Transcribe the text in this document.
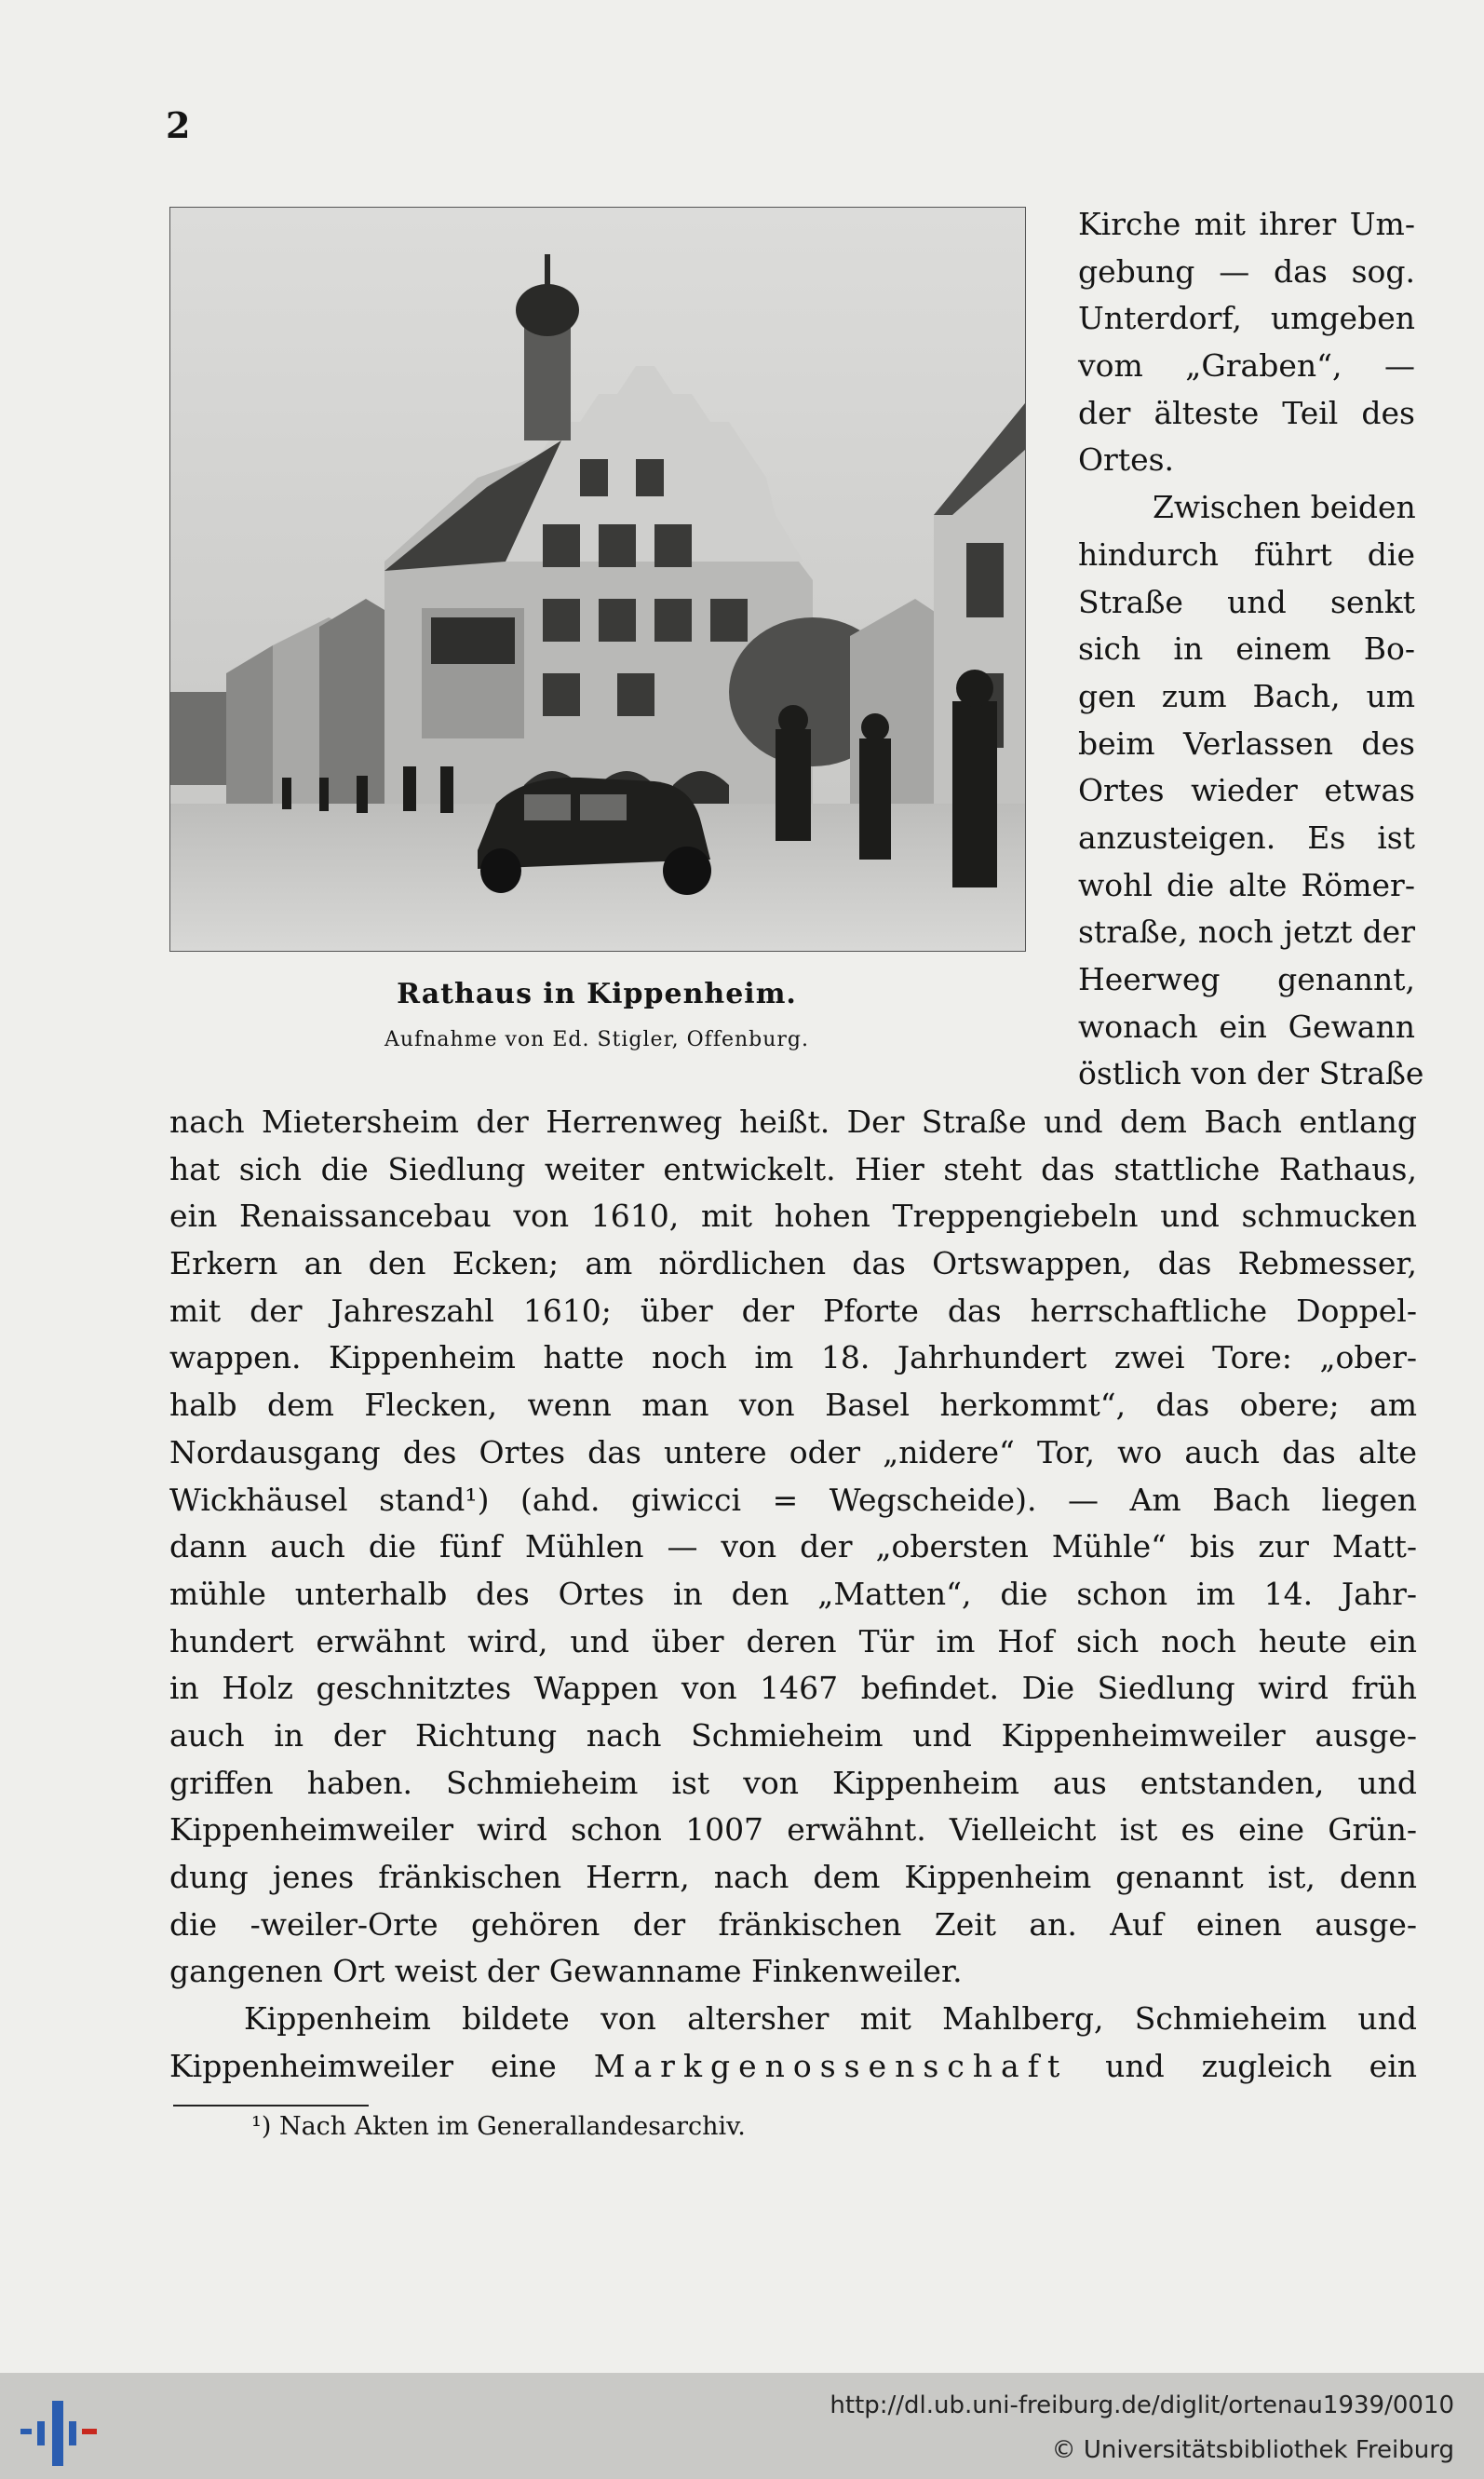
2
Rathaus in Kippenheim.
Aufnahme von Ed. Stigler, Offenburg.
Kirche mit ihrer Um-
gebung — das sog.
Unterdorf, umgeben
vom „Graben“, —
der älteste Teil des
Ortes.
Zwischen beiden
hindurch führt die
Straße und senkt
sich in einem Bo-
gen zum Bach, um
beim Verlassen des
Ortes wieder etwas
anzusteigen. Es ist
wohl die alte Römer-
straße, noch jetzt der
Heerweg genannt,
wonach ein Gewann
östlich von der Straße
nach Mietersheim der Herrenweg heißt. Der Straße und dem Bach entlang
hat sich die Siedlung weiter entwickelt. Hier steht das stattliche Rathaus,
ein Renaissancebau von 1610, mit hohen Treppengiebeln und schmucken
Erkern an den Ecken; am nördlichen das Ortswappen, das Rebmesser,
mit der Jahreszahl 1610; über der Pforte das herrschaftliche Doppel-
wappen. Kippenheim hatte noch im 18. Jahrhundert zwei Tore: „ober-
halb dem Flecken, wenn man von Basel herkommt“, das obere; am
Nordausgang des Ortes das untere oder „nidere“ Tor, wo auch das alte
Wickhäusel stand¹) (ahd. giwicci = Wegscheide). — Am Bach liegen
dann auch die fünf Mühlen — von der „obersten Mühle“ bis zur Matt-
mühle unterhalb des Ortes in den „Matten“, die schon im 14. Jahr-
hundert erwähnt wird, und über deren Tür im Hof sich noch heute ein
in Holz geschnitztes Wappen von 1467 befindet. Die Siedlung wird früh
auch in der Richtung nach Schmieheim und Kippenheimweiler ausge-
griffen haben. Schmieheim ist von Kippenheim aus entstanden, und
Kippenheimweiler wird schon 1007 erwähnt. Vielleicht ist es eine Grün-
dung jenes fränkischen Herrn, nach dem Kippenheim genannt ist, denn
die -weiler-Orte gehören der fränkischen Zeit an. Auf einen ausge-
gangenen Ort weist der Gewanname Finkenweiler.
Kippenheim bildete von altersher mit Mahlberg, Schmieheim und
Kippenheimweiler eine Markgenossenschaft und zugleich ein
¹) Nach Akten im Generallandesarchiv.
http://dl.ub.uni-freiburg.de/diglit/ortenau1939/0010
© Universitätsbibliothek Freiburg
